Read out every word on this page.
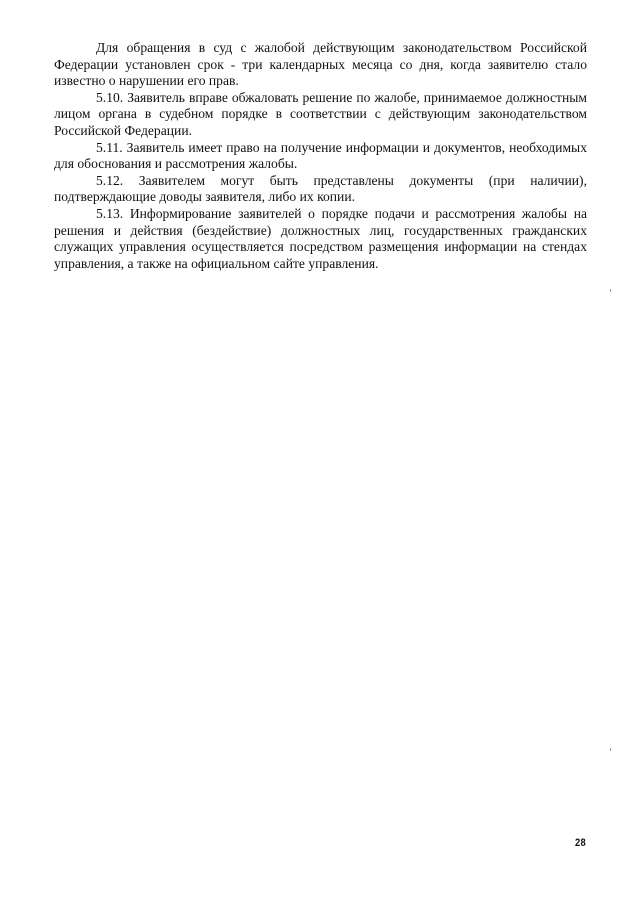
Для обращения в суд с жалобой действующим законодательством Российской Федерации установлен срок - три календарных месяца со дня, когда заявителю стало известно о нарушении его прав.

5.10. Заявитель вправе обжаловать решение по жалобе, принимаемое должностным лицом органа в судебном порядке в соответствии с действующим законодательством Российской Федерации.

5.11. Заявитель имеет право на получение информации и документов, необходимых для обоснования и рассмотрения жалобы.

5.12. Заявителем могут быть представлены документы (при наличии), подтверждающие доводы заявителя, либо их копии.

5.13. Информирование заявителей о порядке подачи и рассмотрения жалобы на решения и действия (бездействие) должностных лиц, государственных гражданских служащих управления осуществляется посредством размещения информации на стендах управления, а также на официальном сайте управления.

28
